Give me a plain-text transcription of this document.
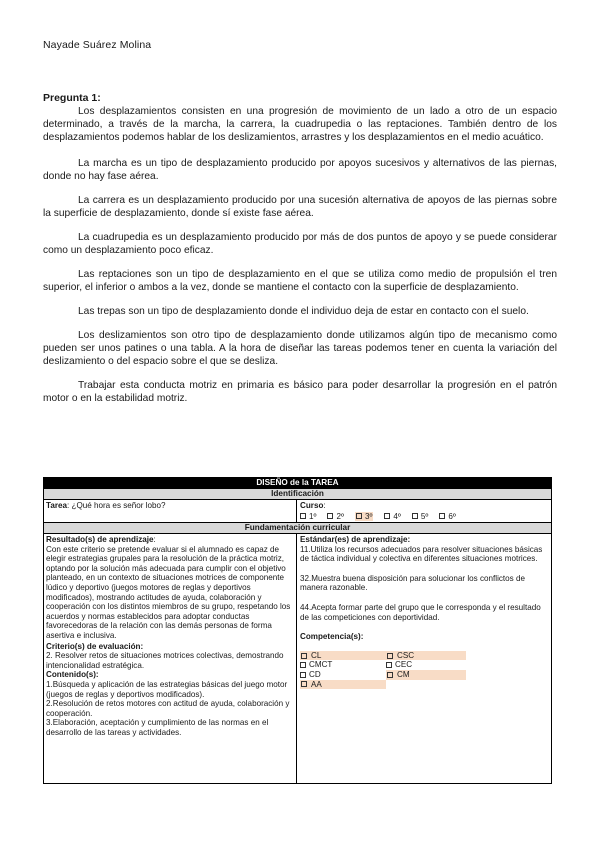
Nayade Suárez Molina

Pregunta 1:

Los desplazamientos consisten en una progresión de movimiento de un lado a otro de un espacio determinado, a través de la marcha, la carrera, la cuadrupedia o las reptaciones. También dentro de los desplazamientos podemos hablar de los deslizamientos, arrastres y los desplazamientos en el medio acuático.

La marcha es un tipo de desplazamiento producido por apoyos sucesivos y alternativos de las piernas, donde no hay fase aérea.

La carrera es un desplazamiento producido por una sucesión alternativa de apoyos de las piernas sobre la superficie de desplazamiento, donde sí existe fase aérea.

La cuadrupedia es un desplazamiento producido por más de dos puntos de apoyo y se puede considerar como un desplazamiento poco eficaz.

Las reptaciones son un tipo de desplazamiento en el que se utiliza como medio de propulsión el tren superior, el inferior o ambos a la vez, donde se mantiene el contacto con la superficie de desplazamiento.

Las trepas son un tipo de desplazamiento donde el individuo deja de estar en contacto con el suelo.

Los deslizamientos son otro tipo de desplazamiento donde utilizamos algún tipo de mecanismo como pueden ser unos patines o una tabla. A la hora de diseñar las tareas podemos tener en cuenta la variación del deslizamiento o del espacio sobre el que se desliza.

Trabajar esta conducta motriz en primaria es básico para poder desarrollar la progresión en el patrón motor o en la estabilidad motriz.

DISEÑO de la TAREA
Identificación
Tarea: ¿Qué hora es señor lobo?	Curso:
1º 2º	3º	4º 5º 6º
Fundamentación curricular
Resultado(s) de aprendizaje:
Con este criterio se pretende evaluar si el alumnado es capaz de elegir estrategias grupales para la resolución de la práctica motriz, optando por la solución más adecuada para cumplir con el objetivo planteado, en un contexto de situaciones motrices de componente lúdico y deportivo (juegos motores de reglas y deportivos modificados), mostrando actitudes de ayuda, colaboración y cooperación con los distintos miembros de su grupo, respetando los acuerdos y normas establecidos para adoptar conductas favorecedoras de la relación con las demás personas de forma asertiva e inclusiva.
Criterio(s) de evaluación:
2. Resolver retos de situaciones motrices colectivas, demostrando intencionalidad estratégica.
Contenido(s):
1.Búsqueda y aplicación de las estrategias básicas del juego motor (juegos de reglas y deportivos modificados).
2.Resolución de retos motores con actitud de ayuda, colaboración y cooperación.
3.Elaboración, aceptación y cumplimiento de las normas en el desarrollo de las tareas y actividades.
Estándar(es) de aprendizaje:
11.Utiliza los recursos adecuados para resolver situaciones básicas de táctica individual y colectiva en diferentes situaciones motrices.
32.Muestra buena disposición para solucionar los conflictos de manera razonable.
44.Acepta formar parte del grupo que le corresponda y el resultado de las competiciones con deportividad.
Competencia(s):
CL	CSC
CMCT	CEC
CD	CM
AA
